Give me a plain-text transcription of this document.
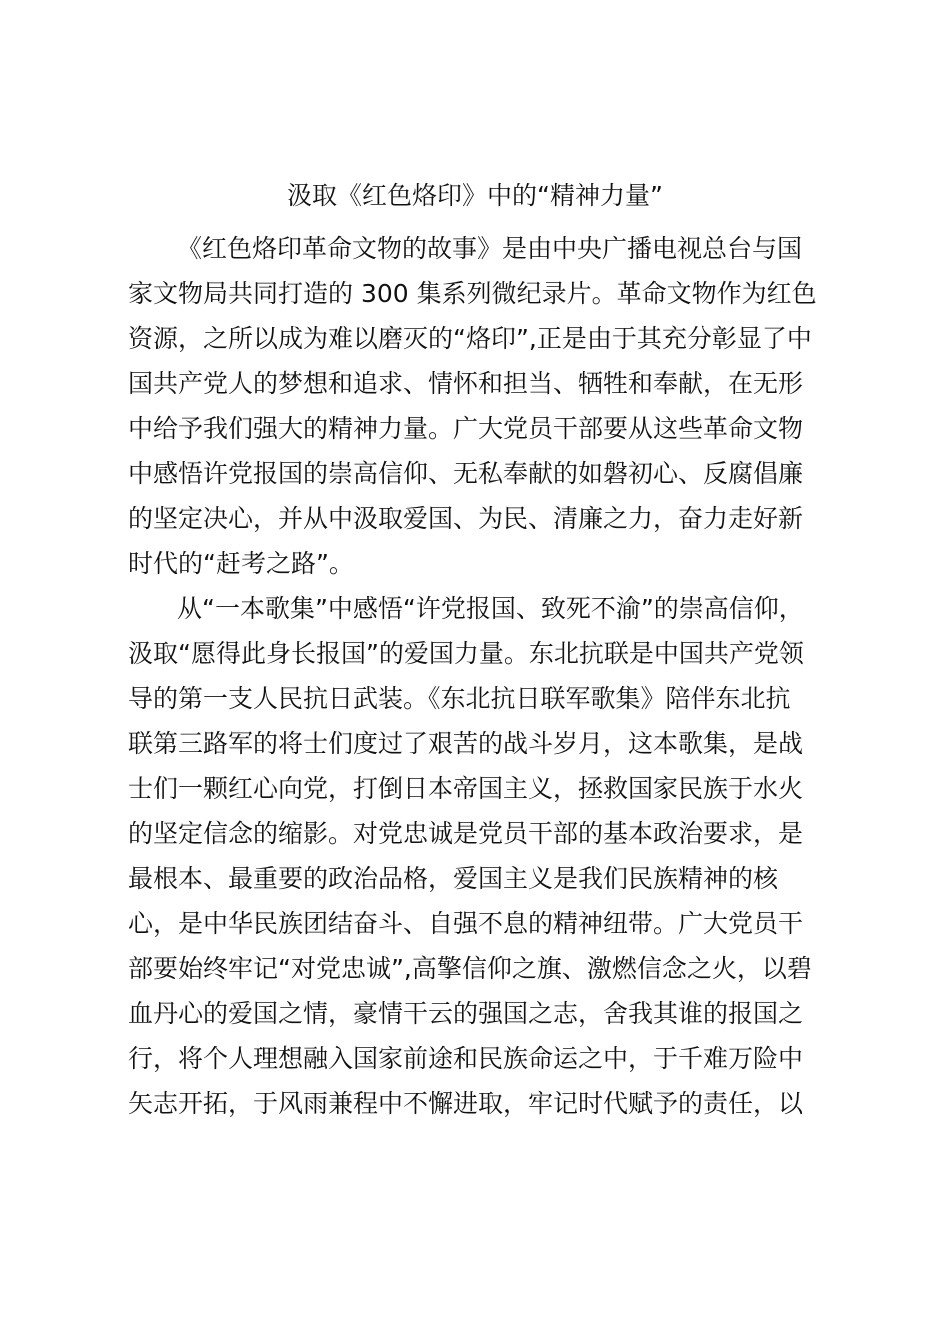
汲取《红色烙印》中的“精神力量”
《红色烙印革命文物的故事》是由中央广播电视总台与国
家文物局共同打造的 300 集系列微纪录片。革命文物作为红色
资源，之所以成为难以磨灭的“烙印”,正是由于其充分彰显了中
国共产党人的梦想和追求、情怀和担当、牺牲和奉献，在无形
中给予我们强大的精神力量。广大党员干部要从这些革命文物
中感悟许党报国的崇高信仰、无私奉献的如磐初心、反腐倡廉
的坚定决心，并从中汲取爱国、为民、清廉之力，奋力走好新
时代的“赶考之路”。
从“一本歌集”中感悟“许党报国、致死不渝”的崇高信仰，
汲取“愿得此身长报国”的爱国力量。东北抗联是中国共产党领
导的第一支人民抗日武装。《东北抗日联军歌集》陪伴东北抗
联第三路军的将士们度过了艰苦的战斗岁月，这本歌集，是战
士们一颗红心向党，打倒日本帝国主义，拯救国家民族于水火
的坚定信念的缩影。对党忠诚是党员干部的基本政治要求，是
最根本、最重要的政治品格，爱国主义是我们民族精神的核
心，是中华民族团结奋斗、自强不息的精神纽带。广大党员干
部要始终牢记“对党忠诚”,高擎信仰之旗、激燃信念之火，以碧
血丹心的爱国之情，豪情干云的强国之志，舍我其谁的报国之
行，将个人理想融入国家前途和民族命运之中，于千难万险中
矢志开拓，于风雨兼程中不懈进取，牢记时代赋予的责任，以
